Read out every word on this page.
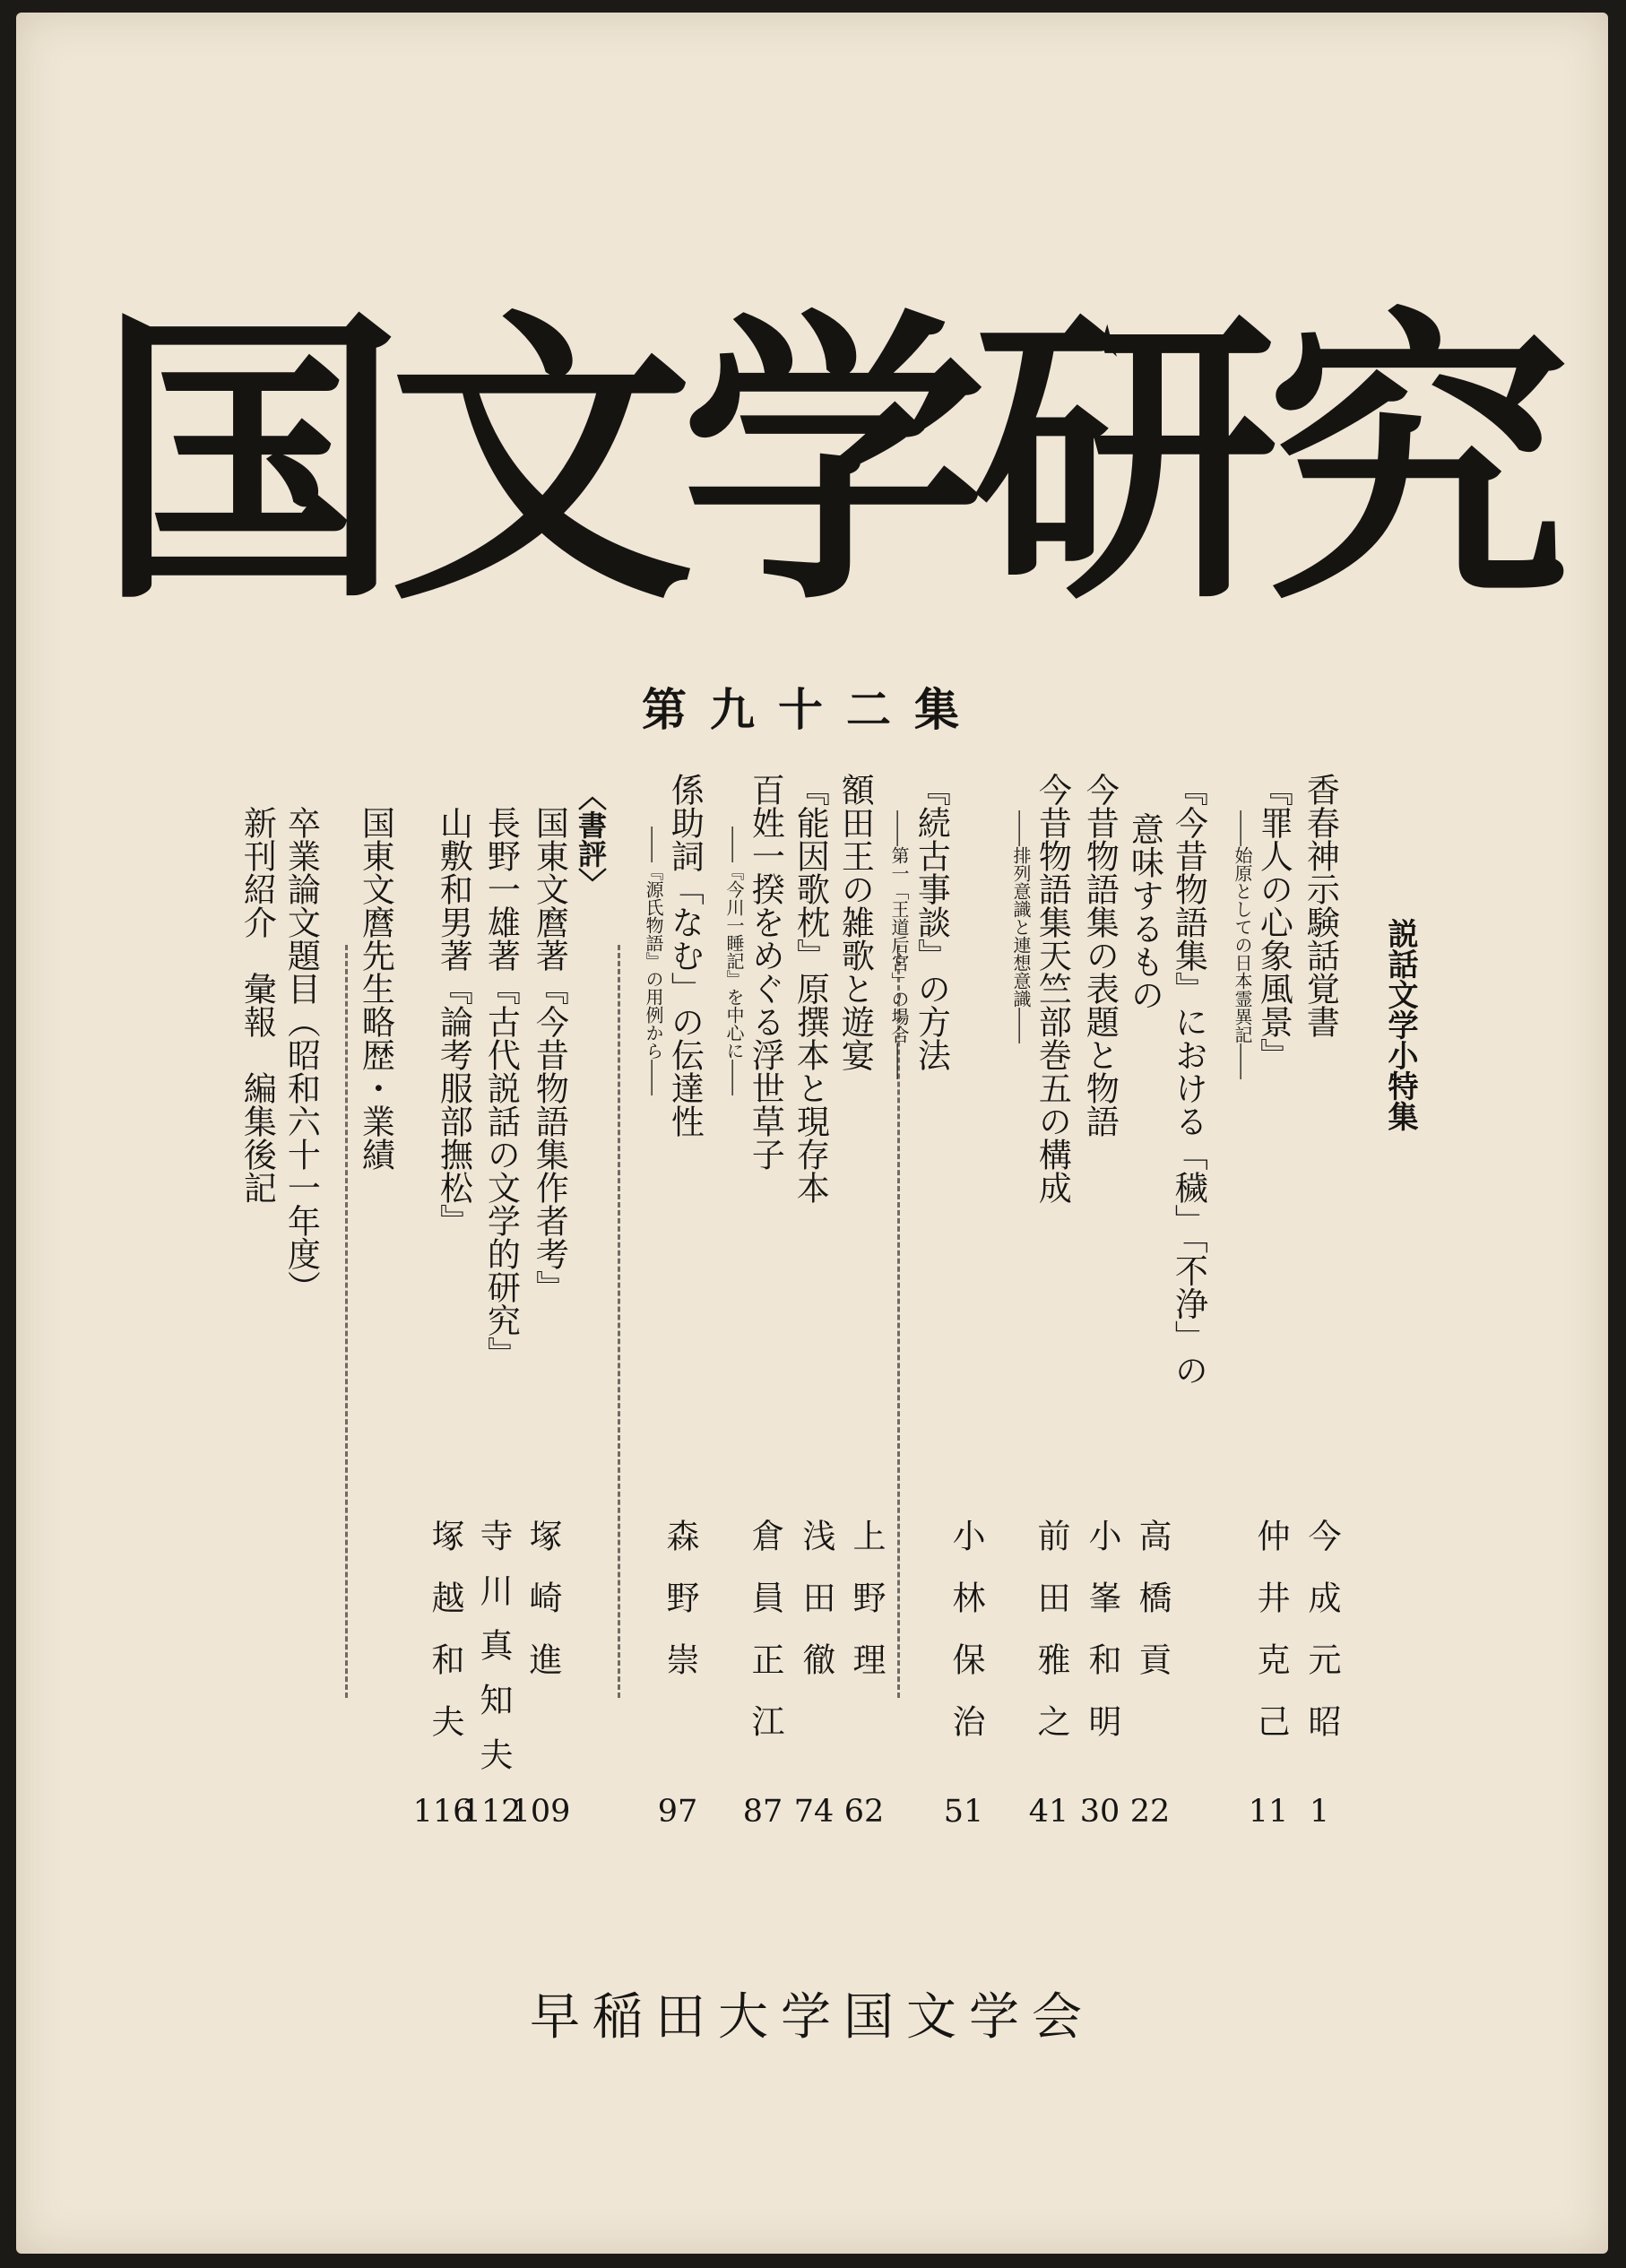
国文学研究
第九十二集
説話文学小特集
香春神示験話覚書
『罪人の心象風景』
――始原としての日本霊異記――
『今昔物語集』における「穢」「不浄」の
意味するもの
今昔物語集の表題と物語
今昔物語集天竺部巻五の構成
――排列意識と連想意識――
『続古事談』の方法
――第一「王道后宮」の場合――
額田王の雑歌と遊宴
『能因歌枕』原撰本と現存本
百姓一揆をめぐる浮世草子
――『今川一睡記』を中心に――
係助詞「なむ」の伝達性
――『源氏物語』の用例から――
〈書評〉
国東文麿著『今昔物語集作者考』
長野一雄著『古代説話の文学的研究』
山敷和男著『論考服部撫松』
国東文麿先生略歴・業績
卒業論文題目（昭和六十一年度）
新刊紹介　彙報　編集後記
今成元昭
仲井克己
高橋貢
小峯和明
前田雅之
小林保治
上野理
浅田徹
倉員正江
森野崇
塚崎進
寺川真知夫
塚越和夫
1
11
22
30
41
51
62
74
87
97
109
112
116
早稲田大学国文学会
